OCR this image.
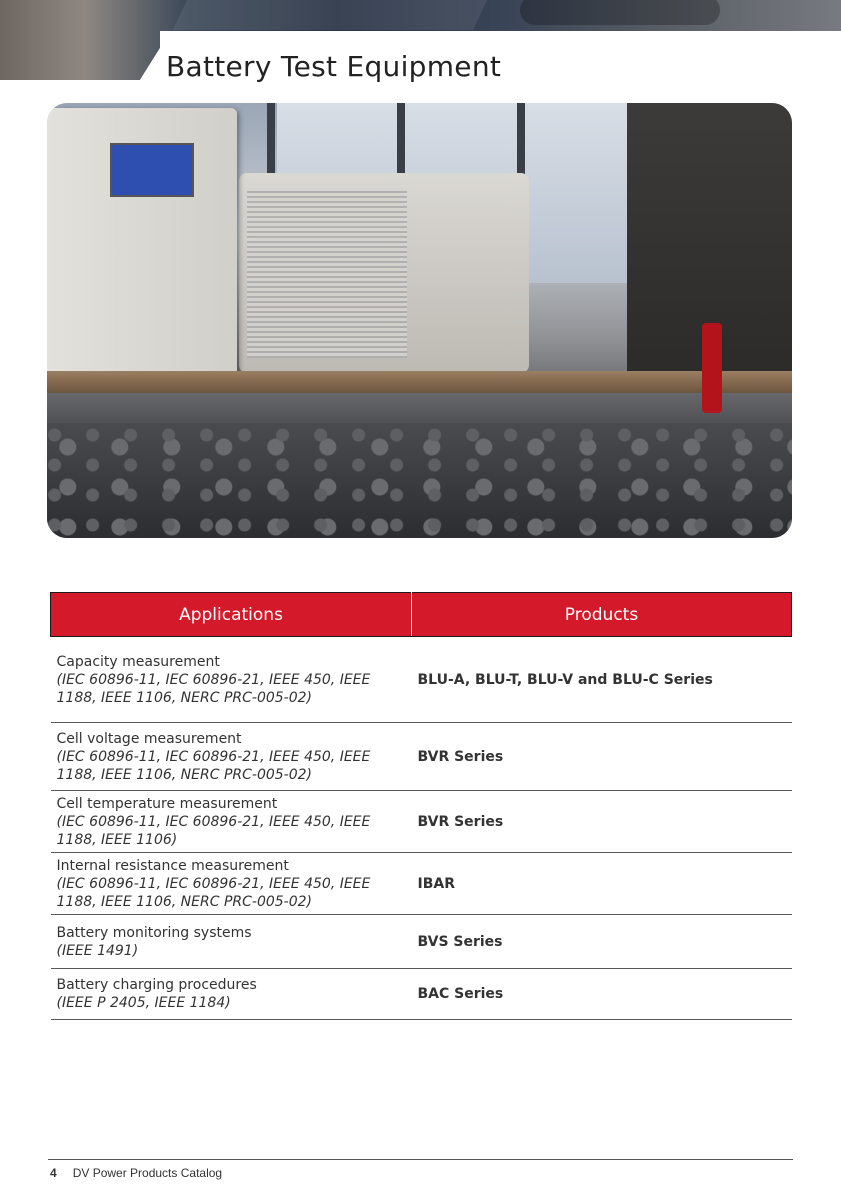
Battery Test Equipment
Applications	Products

Capacity measurement
(IEC 60896-11, IEC 60896-21, IEEE 450, IEEE 1188, IEEE 1106, NERC PRC-005-02)	BLU-A, BLU-T, BLU-V and BLU-C Series

Cell voltage measurement
(IEC 60896-11, IEC 60896-21, IEEE 450, IEEE 1188, IEEE 1106, NERC PRC-005-02)	BVR Series

Cell temperature measurement
(IEC 60896-11, IEC 60896-21, IEEE 450, IEEE 1188, IEEE 1106)	BVR Series

Internal resistance measurement
(IEC 60896-11, IEC 60896-21, IEEE 450, IEEE 1188, IEEE 1106, NERC PRC-005-02)	IBAR

Battery monitoring systems
(IEEE 1491)	BVS Series

Battery charging procedures
(IEEE P 2405, IEEE 1184)	BAC Series
4 DV Power Products Catalog
